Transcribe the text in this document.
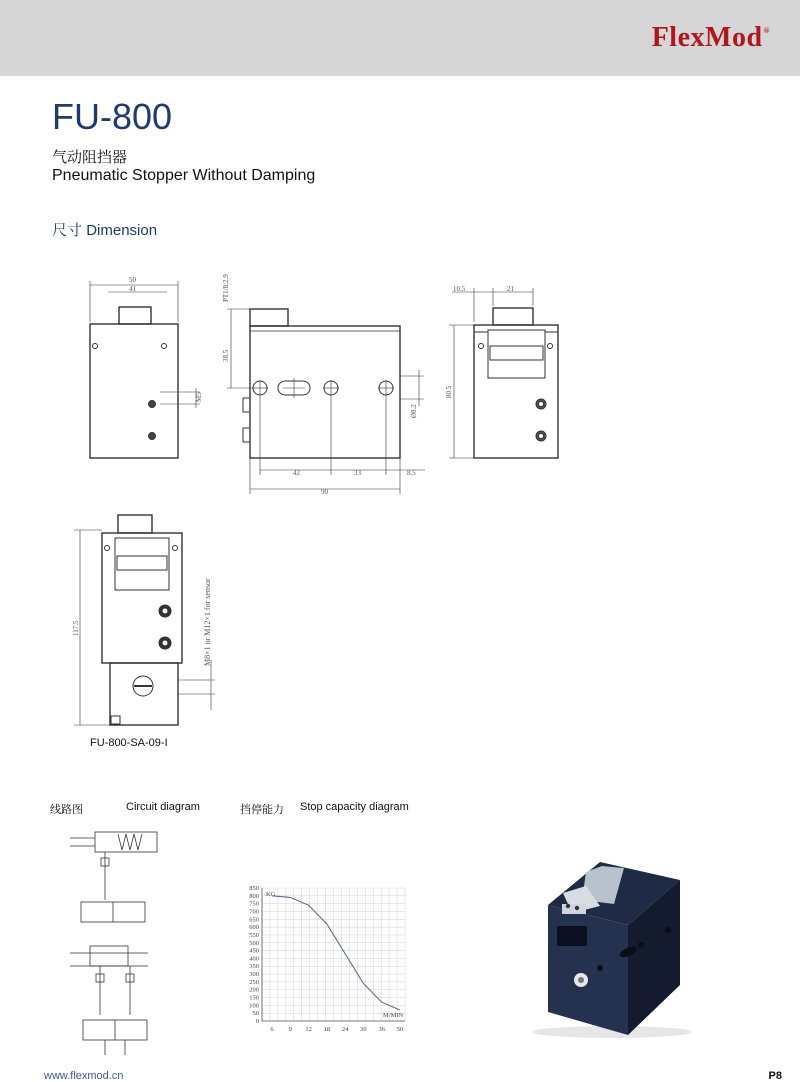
FlexMod®
FU-800
气动阻挡器
Pneumatic Stopper Without Damping
尺寸 Dimension
50
41
M5
PT1/8:2.9
38.5
Ø8.2
42	33	8.5
90
10.5	21
80.5
117.5	M8×1 or M12×1 for sensor
0
50
100
150
200
250
300
350
400
450
500
550
600
650
700
750
800
850
6 9 12 18 24 30 36 50
KG
M/MIN
FU-800-SA-09-I
线路图	Circuit diagram	挡停能力 Stop capacity diagram
www.flexmod.cn	P8
